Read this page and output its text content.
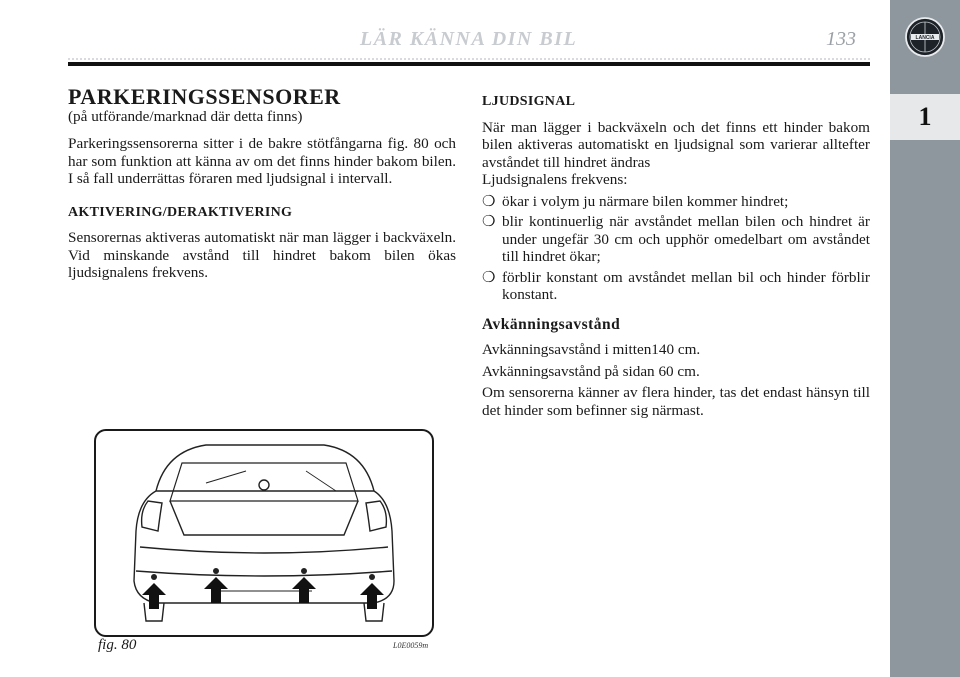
LÄR KÄNNA DIN BIL	133	LANCIA
1
PARKERINGSSENSORER
(på utförande/marknad där detta finns)

Parkeringssensorerna sitter i de bakre stötfångarna fig. 80 och har som funktion att känna av om det finns hinder bakom bilen. I så fall underrättas föraren med ljudsignal i intervall.

AKTIVERING/DERAKTIVERING

Sensorernas aktiveras automatiskt när man lägger i backväxeln. Vid minskande avstånd till hindret bakom bilen ökas ljudsignalens frekvens.

LJUDSIGNAL

När man lägger i backväxeln och det finns ett hinder bakom bilen aktiveras automatiskt en ljudsignal som varierar alltefter avståndet till hindret ändras

Ljudsignalens frekvens:
❍ ökar i volym ju närmare bilen kommer hindret;
❍ blir kontinuerlig när avståndet mellan bilen och hindret är under ungefär 30 cm och upphör omedelbart om avståndet till hindret ökar;
❍ förblir konstant om avståndet mellan bil och hinder förblir konstant.
Avkänningsavstånd

Avkänningsavstånd i mitten140 cm.

Avkänningsavstånd på sidan 60 cm.

Om sensorerna känner av flera hinder, tas det endast hänsyn till det hinder som befinner sig närmast.

fig. 80	L0E0059m
